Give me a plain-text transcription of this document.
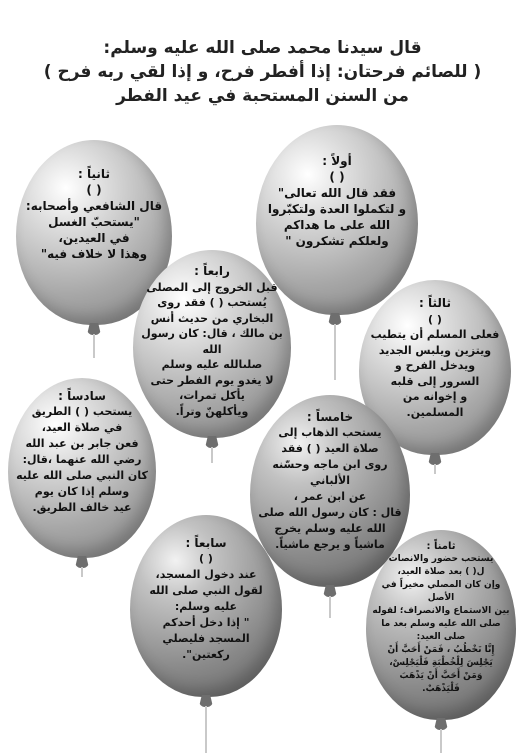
قال سيدنا محمد صلى الله عليه وسلم:
( للصائم فرحتان: إذا أفطر فرح، و إذا لقي ربه فرح )
من السنن المستحبة في عيد الفطر
أولاً :
( )
فقد قال الله تعالى"
و لتكملوا العدة ولتكبّروا
الله على ما هداكم
ولعلكم تشكرون "
ثانياً :
( )
قال الشافعي وأصحابه:
"يستحبّ الغسل
في العيدين،
وهذا لا خلاف فيه"
رابعاً :
قبل الخروج إلى المصلى
يُستحب ( ) فقد روى
البخاري من حديث أنس
بن مالك ، قال: كان رسول الله
صلىالله عليه وسلم
لا يغدو يوم الفطر حتى
يأكل تمرات،
ويأكلهنّ وتراً.
ثالثاً :
( )
فعلى المسلم أن يتطيب
ويتزين ويلبس الجديد
ويدخل الفرح و
السرور إلى قلبه
و إخوانه من
المسلمين.
سادساً :
يستحب ( ) الطريق
في صلاة العيد،
فعن جابر بن عبد الله
رضي الله عنهما ،قال:
كان النبي صلى الله عليه
وسلم إذا كان يوم
عيد خالف الطريق.
خامساً :
يستحب الذهاب إلى
صلاة العيد ( ) فقد
روى ابن ماجه وحسّنه الألباني
عن ابن عمر ،
قال : كان رسول الله صلى
الله عليه وسلم يخرج
ماشياً و يرجع ماشياً.
سابعاً :
( )
عند دخول المسجد،
لقول النبي صلى الله
عليه وسلم:
" إذا دخل أحدكم
المسجد فليصلي
ركعتين".
ثامناً :
يستحب حضور والانصات
ل( ) بعد صلاة العيد،
وإن كان المصلي مخيراً في الأصل
بين الاستماع والانصراف؛ لقوله
صلى الله عليه وسلم بعد ما
صلى العيد:
إِنَّا نَخْطُبُ ، فَمَنْ أَحَبَّ أَنْ
يَجْلِسَ لِلْخُطْبَةِ فَلْيَجْلِسْ،
وَمَنْ أَحَبَّ أَنْ يَذْهَبَ
فَلْيَذْهَبْ.
